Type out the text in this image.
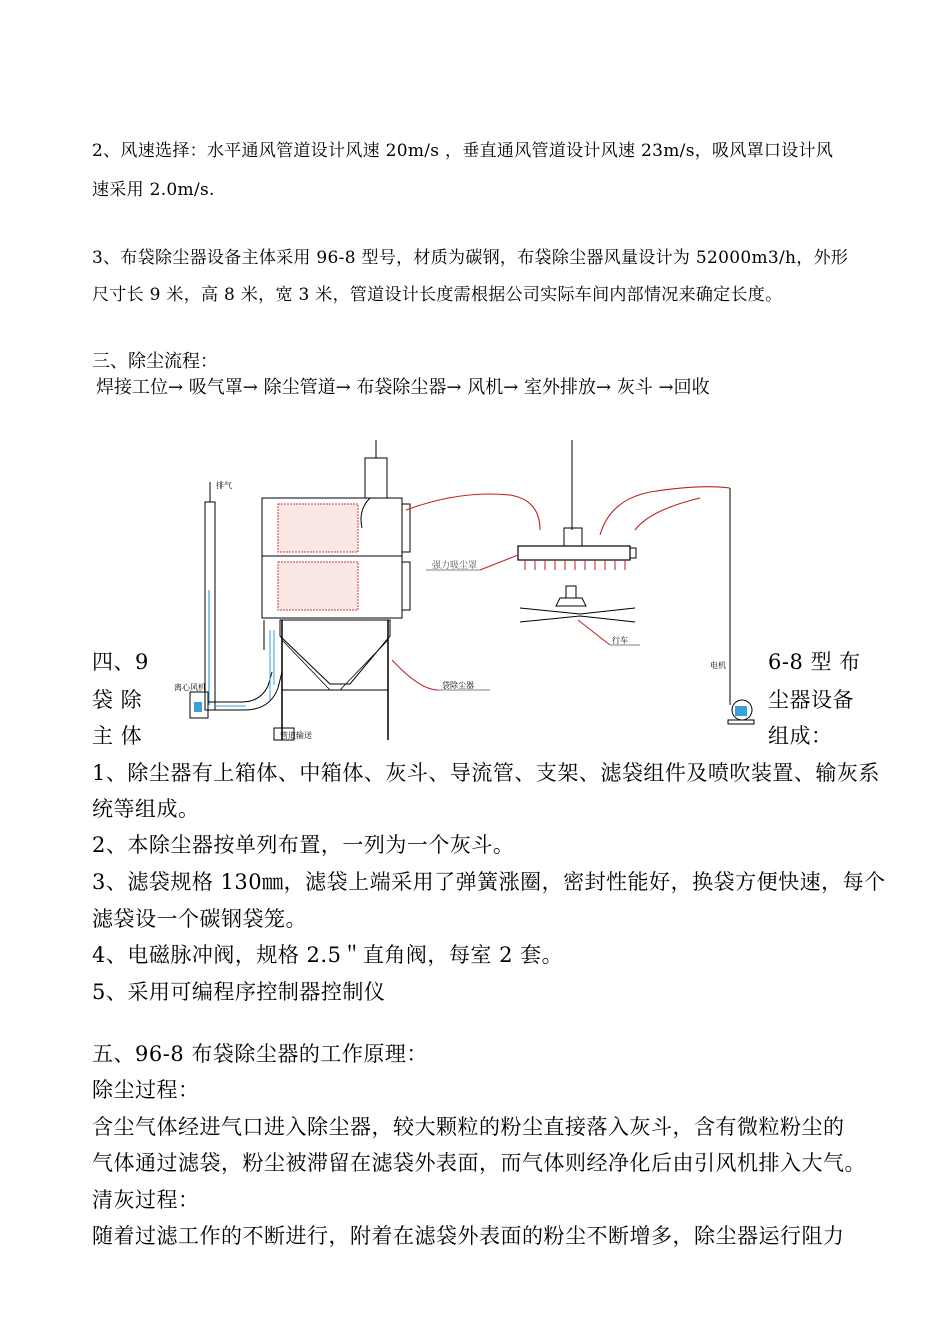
2、风速选择：水平通风管道设计风速 20m/s ，垂直通风管道设计风速 23m/s，吸风罩口设计风

速采用 2.0m/s.

3、布袋除尘器设备主体采用 96-8 型号，材质为碳钢，布袋除尘器风量设计为 52000m3/h，外形

尺寸长 9 米，高 8 米，宽 3 米，管道设计长度需根据公司实际车间内部情况来确定长度。

三、除尘流程：

焊接工位→ 吸气罩→ 除尘管道→ 布袋除尘器→ 风机→ 室外排放→ 灰斗 →回收

排气
离心风机
管道输送
袋除尘器
强力吸尘罩
行车
电机

四、9

袋 除

主 体

6-8 型 布

尘器设备

组成：

1、除尘器有上箱体、中箱体、灰斗、导流管、支架、滤袋组件及喷吹装置、输灰系

统等组成。

2、本除尘器按单列布置，一列为一个灰斗。

3、滤袋规格 130㎜，滤袋上端采用了弹簧涨圈，密封性能好，换袋方便快速，每个

滤袋设一个碳钢袋笼。

4、电磁脉冲阀，规格 2.5＂直角阀，每室 2 套。

5、采用可编程序控制器控制仪

五、96-8 布袋除尘器的工作原理：

除尘过程：

含尘气体经进气口进入除尘器，较大颗粒的粉尘直接落入灰斗，含有微粒粉尘的

气体通过滤袋，粉尘被滞留在滤袋外表面，而气体则经净化后由引风机排入大气。

清灰过程：

随着过滤工作的不断进行，附着在滤袋外表面的粉尘不断增多，除尘器运行阻力
